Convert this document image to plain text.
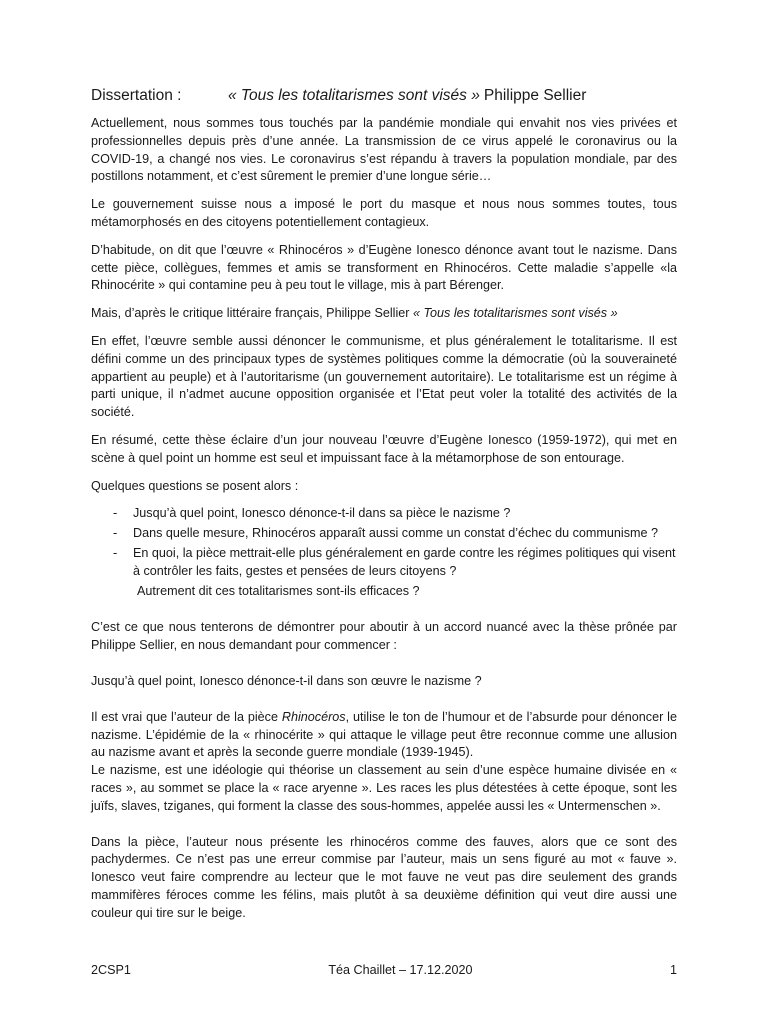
Dissertation :	« Tous les totalitarismes sont visés » Philippe Sellier

Actuellement, nous sommes tous touchés par la pandémie mondiale qui envahit nos vies privées et professionnelles depuis près d’une année. La transmission de ce virus appelé le coronavirus ou la COVID-19, a changé nos vies. Le coronavirus s’est répandu à travers la population mondiale, par des postillons notamment, et c’est sûrement le premier d’une longue série…

Le gouvernement suisse nous a imposé le port du masque et nous nous sommes toutes, tous métamorphosés en des citoyens potentiellement contagieux.

D’habitude, on dit que l’œuvre « Rhinocéros » d’Eugène Ionesco dénonce avant tout le nazisme. Dans cette pièce, collègues, femmes et amis se transforment en Rhinocéros. Cette maladie s’appelle «la Rhinocérite » qui contamine peu à peu tout le village, mis à part Bérenger.

Mais, d’après le critique littéraire français, Philippe Sellier « Tous les totalitarismes sont visés »

En effet, l’œuvre semble aussi dénoncer le communisme, et plus généralement le totalitarisme. Il est défini comme un des principaux types de systèmes politiques comme la démocratie (où la souveraineté appartient au peuple) et à l’autoritarisme (un gouvernement autoritaire). Le totalitarisme est un régime à parti unique, il n’admet aucune opposition organisée et l’Etat peut voler la totalité des activités de la société.

En résumé, cette thèse éclaire d’un jour nouveau l’œuvre d’Eugène Ionesco (1959-1972), qui met en scène à quel point un homme est seul et impuissant face à la métamorphose de son entourage.

Quelques questions se posent alors :

-	Jusqu’à quel point, Ionesco dénonce-t-il dans sa pièce le nazisme ?
-	Dans quelle mesure, Rhinocéros apparaît aussi comme un constat d’échec du communisme ?
-	En quoi, la pièce mettrait-elle plus généralement en garde contre les régimes politiques qui visent à contrôler les faits, gestes et pensées de leurs citoyens ?
Autrement dit ces totalitarismes sont-ils efficaces ?

C’est ce que nous tenterons de démontrer pour aboutir à un accord nuancé avec la thèse prônée par Philippe Sellier, en nous demandant pour commencer :

Jusqu’à quel point, Ionesco dénonce-t-il dans son œuvre le nazisme ?

Il est vrai que l’auteur de la pièce Rhinocéros, utilise le ton de l’humour et de l’absurde pour dénoncer le nazisme. L’épidémie de la « rhinocérite » qui attaque le village peut être reconnue comme une allusion au nazisme avant et après la seconde guerre mondiale (1939-1945).

Le nazisme, est une idéologie qui théorise un classement au sein d’une espèce humaine divisée en « races », au sommet se place la « race aryenne ». Les races les plus détestées à cette époque, sont les juïfs, slaves, tziganes, qui forment la classe des sous-hommes, appelée aussi les « Untermenschen ».

Dans la pièce, l’auteur nous présente les rhinocéros comme des fauves, alors que ce sont des pachydermes. Ce n’est pas une erreur commise par l’auteur, mais un sens figuré au mot « fauve ». Ionesco veut faire comprendre au lecteur que le mot fauve ne veut pas dire seulement des grands mammifères féroces comme les félins, mais plutôt à sa deuxième définition qui veut dire aussi une couleur qui tire sur le beige.

2CSP1	Téa Chaillet – 17.12.2020	1
